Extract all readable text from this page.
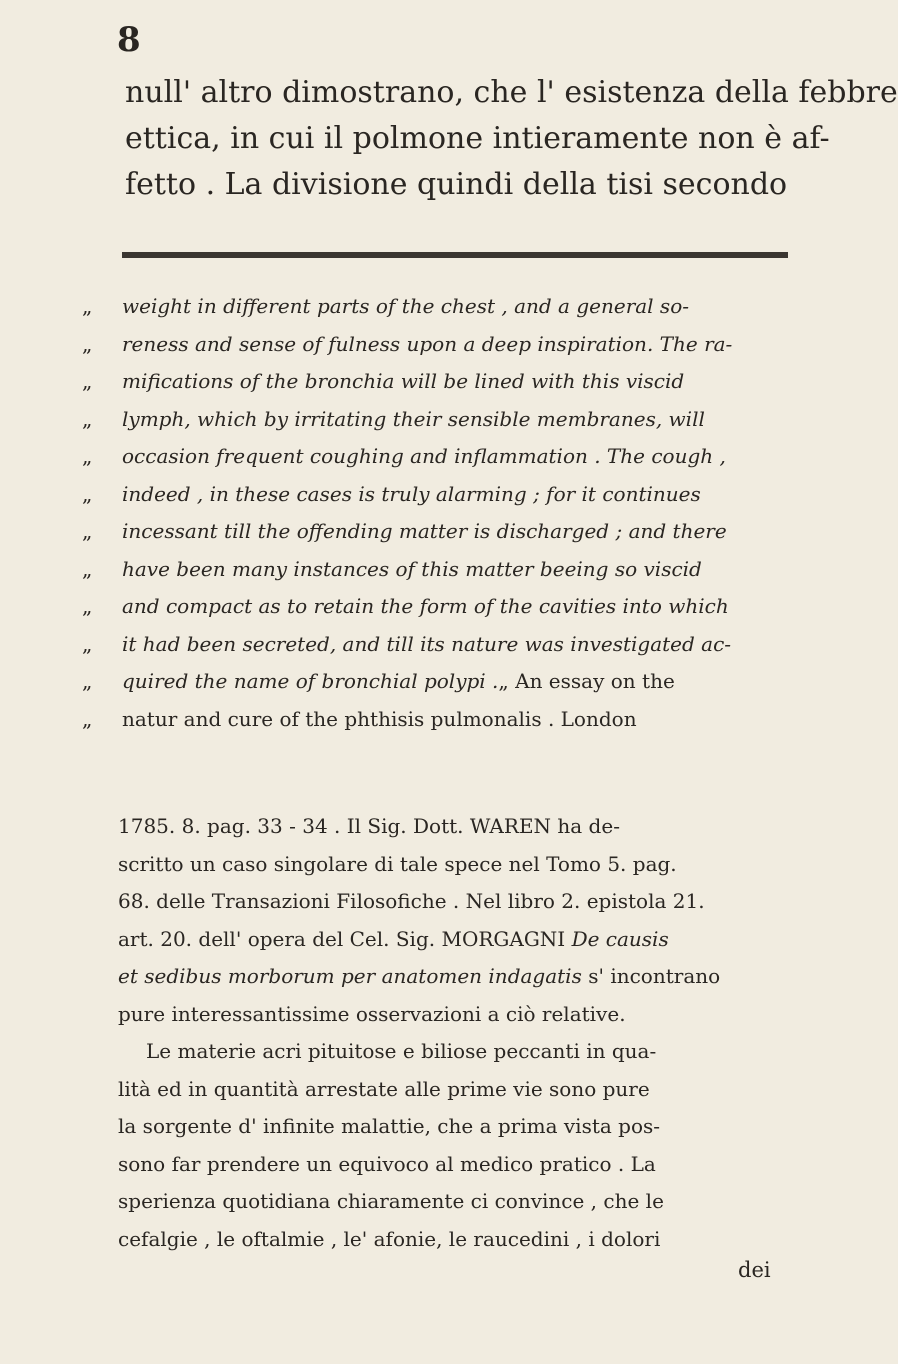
8
null' altro dimostrano, che l' esistenza della febbre
ettica, in cui il polmone intieramente non è af-
fetto . La divisione quindi della tisi secondo
„	weight in different parts of the chest , and a general so-
„	reness and sense of fulness upon a deep inspiration. The ra-
„	mifications of the bronchia will be lined with this viscid
„	lymph, which by irritating their sensible membranes, will
„	occasion frequent coughing and inflammation . The cough ,
„	indeed , in these cases is truly alarming ; for it continues
„	incessant till the offending matter is discharged ; and there
„	have been many instances of this matter beeing so viscid
„	and compact as to retain the form of the cavities into which
„	it had been secreted, and till its nature was investigated ac-
„	quired the name of bronchial polypi . „ An essay on the
„	natur and cure of the phthisis pulmonalis . London
1785. 8. pag. 33 - 34 . Il Sig. Dott. WAREN ha de-
scritto un caso singolare di tale spece nel Tomo 5. pag.
68. delle Transazioni Filosofiche . Nel libro 2. epistola 21.
art. 20. dell' opera del Cel. Sig. MORGAGNI De causis
et sedibus morborum per anatomen indagatis s' incontrano
pure interessantissime osservazioni a ciò relative.
Le materie acri pituitose e biliose peccanti in qua-
lità ed in quantità arrestate alle prime vie sono pure
la sorgente d' infinite malattie, che a prima vista pos-
sono far prendere un equivoco al medico pratico . La
sperienza quotidiana chiaramente ci convince , che le
cefalgie , le oftalmie , le' afonie, le raucedini , i dolori
dei
